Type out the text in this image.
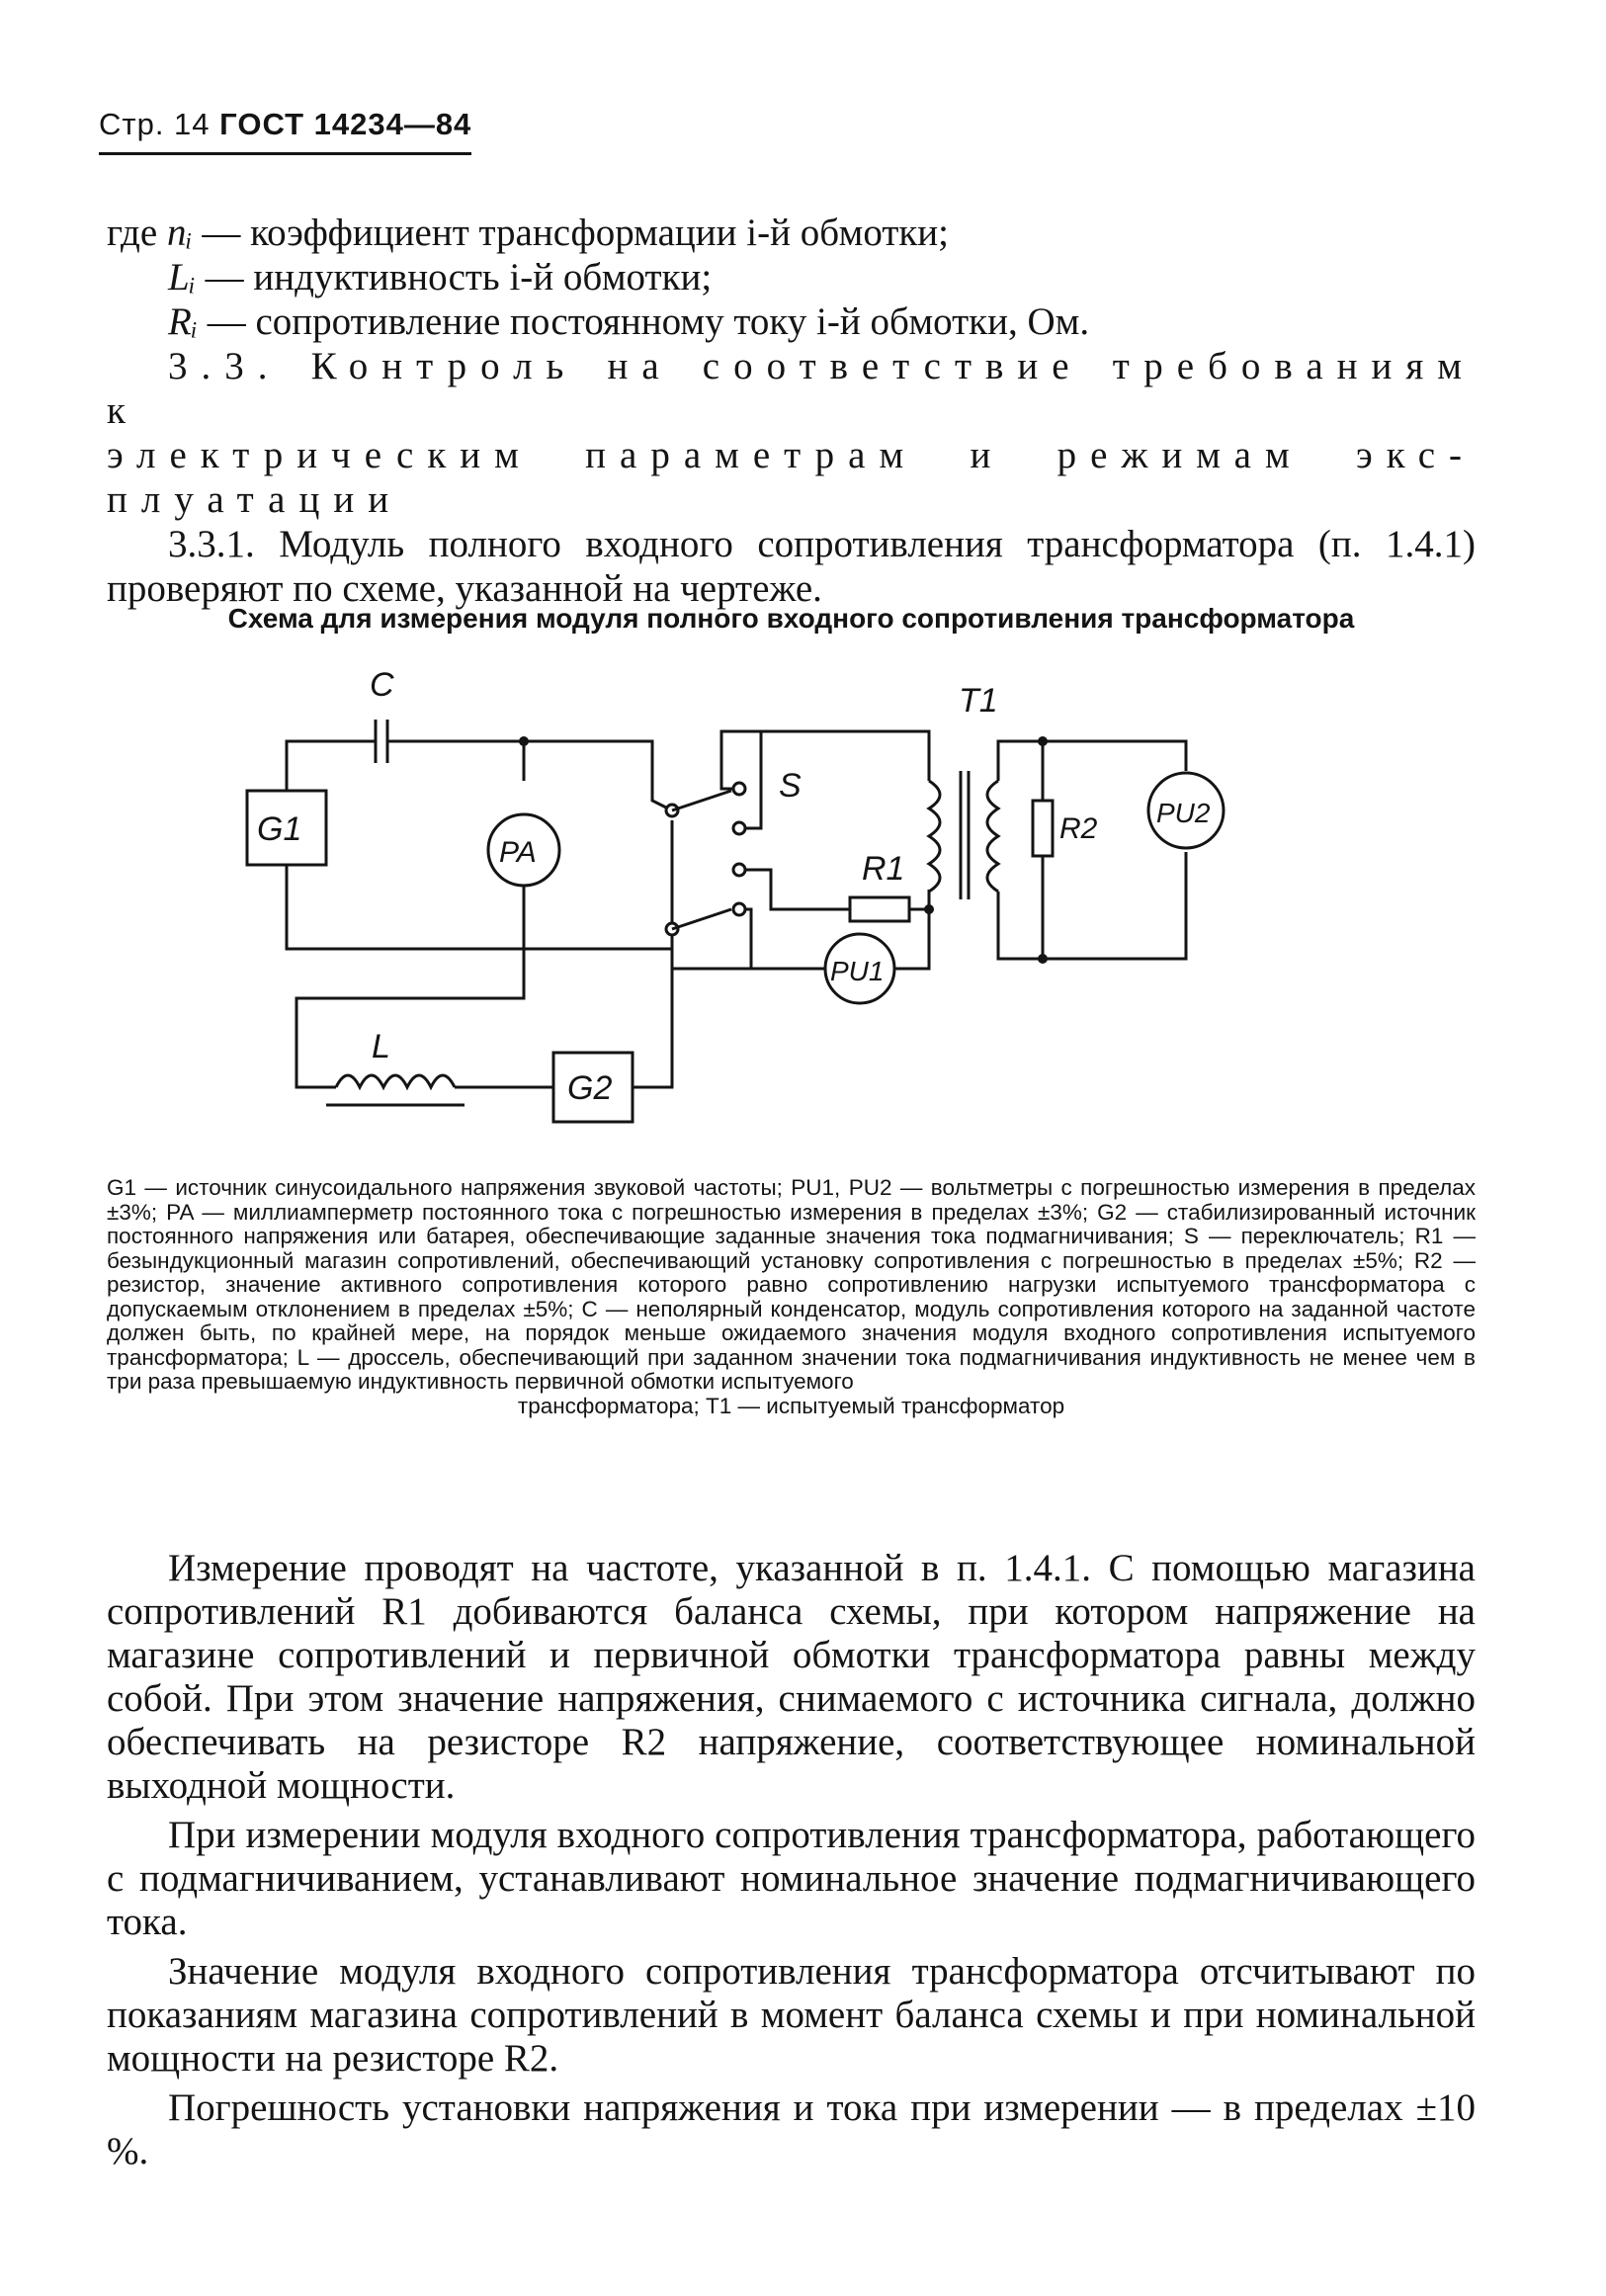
Стр. 14 ГОСТ 14234—84

где nᵢ — коэффициент трансформации i-й обмотки;

Lᵢ — индуктивность i-й обмотки;

Rᵢ — сопротивление постоянному току i-й обмотки, Ом.

3.3. Контроль на соответствие требованиям к

электрическим параметрам и режимам экс-

плуатации

3.3.1. Модуль полного входного сопротивления трансформатора (п. 1.4.1) проверяют по схеме, указанной на чертеже.

Схема для измерения модуля полного входного сопротивления трансформатора
C	T1
G1
PA
S
R1
R2 PU2
PU1
L
G2
G1 — источник синусоидального напряжения звуковой частоты; PU1, PU2 — вольтметры с погрешностью измерения в пределах ±3%; PA — миллиамперметр постоянного тока с погрешностью измерения в пределах ±3%; G2 — стабилизированный источник постоянного напряжения или батарея, обеспечивающие заданные значения тока подмагничивания; S — переключатель; R1 — безындукционный магазин сопротивлений, обеспечивающий установку сопротивления с погрешностью в пределах ±5%; R2 — резистор, значение активного сопротивления которого равно сопротивлению нагрузки испытуемого трансформатора с допускаемым отклонением в пределах ±5%; C — неполярный конденсатор, модуль сопротивления которого на заданной частоте должен быть, по крайней мере, на порядок меньше ожидаемого значения модуля входного сопротивления испытуемого трансформатора; L — дроссель, обеспечивающий при заданном значении тока подмагничивания индуктивность не менее чем в три раза превышаемую индуктивность первичной обмотки испытуемого
трансформатора; T1 — испытуемый трансформатор

Измерение проводят на частоте, указанной в п. 1.4.1. С помощью магазина сопротивлений R1 добиваются баланса схемы, при котором напряжение на магазине сопротивлений и первичной обмотки трансформатора равны между собой. При этом значение напряжения, снимаемого с источника сигнала, должно обеспечивать на резисторе R2 напряжение, соответствующее номинальной выходной мощности.

При измерении модуля входного сопротивления трансформатора, работающего с подмагничиванием, устанавливают номинальное значение подмагничивающего тока.

Значение модуля входного сопротивления трансформатора отсчитывают по показаниям магазина сопротивлений в момент баланса схемы и при номинальной мощности на резисторе R2.

Погрешность установки напряжения и тока при измерении — в пределах ±10 %.
